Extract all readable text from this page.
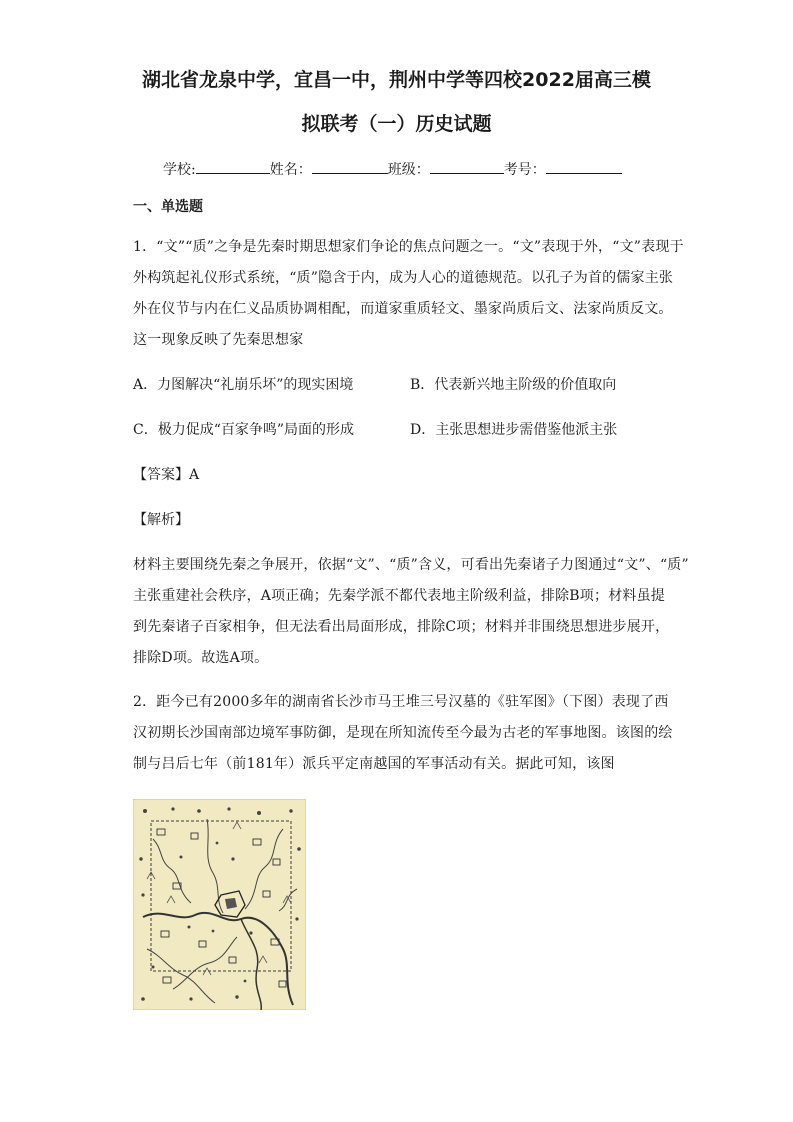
湖北省龙泉中学，宜昌一中，荆州中学等四校2022届高三模
拟联考（一）历史试题
学校:	姓名：	班级：	考号：
一、单选题
1．“文”“质”之争是先秦时期思想家们争论的焦点问题之一。“文”表现于外，“文”表现于
外构筑起礼仪形式系统，“质”隐含于内，成为人心的道德规范。以孔子为首的儒家主张
外在仪节与内在仁义品质协调相配，而道家重质轻文、墨家尚质后文、法家尚质反文。
这一现象反映了先秦思想家
A．力图解决“礼崩乐坏”的现实困境	B．代表新兴地主阶级的价值取向
C．极力促成“百家争鸣”局面的形成	D．主张思想进步需借鉴他派主张
【答案】A
【解析】
材料主要围绕先秦之争展开，依据“文”、“质”含义，可看出先秦诸子力图通过“文”、“质”
主张重建社会秩序，A项正确；先秦学派不都代表地主阶级利益，排除B项；材料虽提
到先秦诸子百家相争，但无法看出局面形成，排除C项；材料并非围绕思想进步展开，
排除D项。故选A项。
2．距今已有2000多年的湖南省长沙市马王堆三号汉墓的《驻军图》（下图）表现了西
汉初期长沙国南部边境军事防御，是现在所知流传至今最为古老的军事地图。该图的绘
制与吕后七年（前181年）派兵平定南越国的军事活动有关。据此可知，该图
